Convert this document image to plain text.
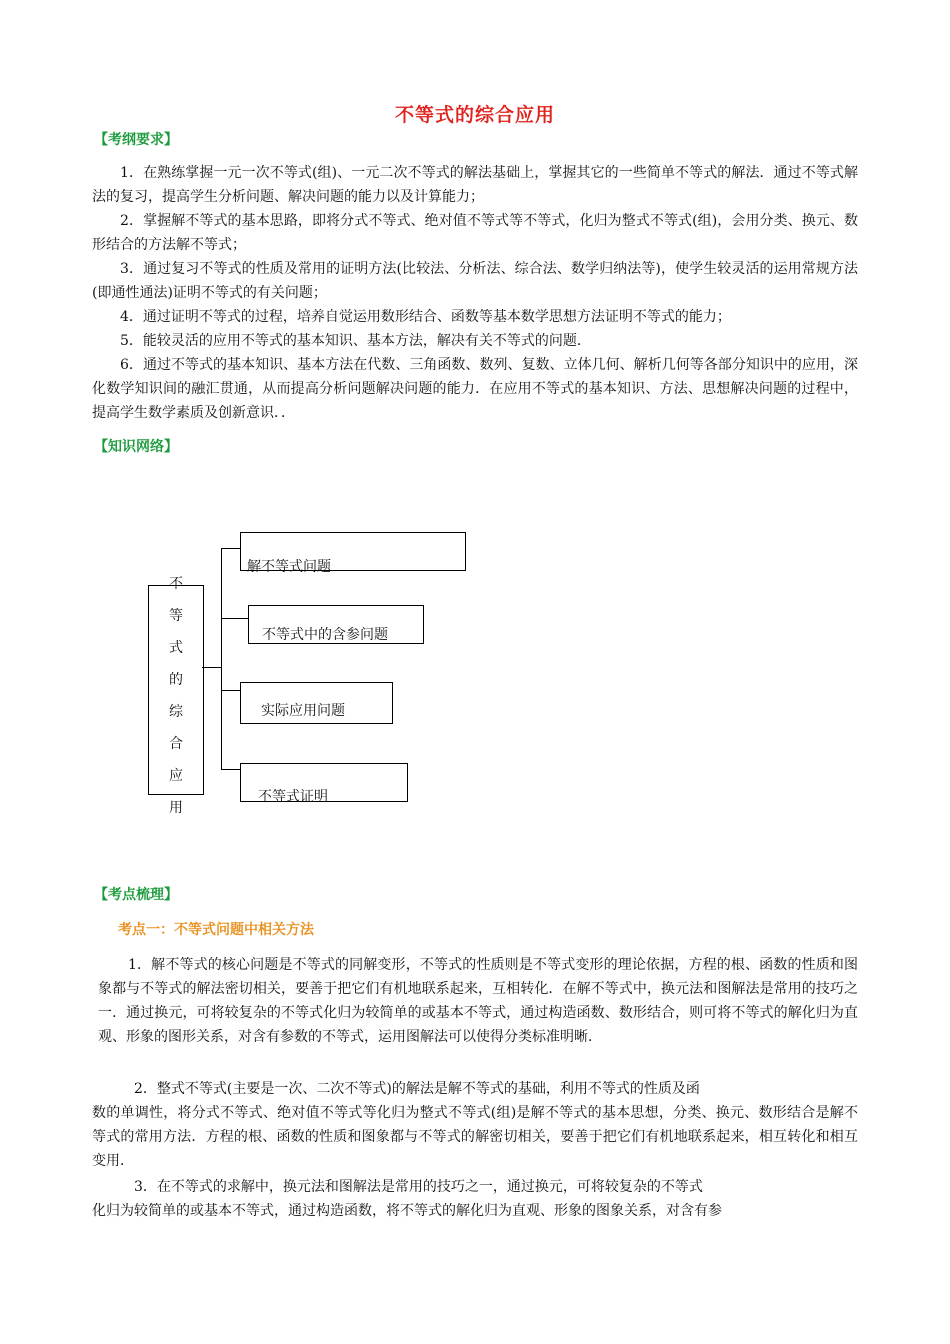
不等式的综合应用
【考纲要求】

1．在熟练掌握一元一次不等式(组)、一元二次不等式的解法基础上，掌握其它的一些简单不等式的解法．通过不等式解法的复习，提高学生分析问题、解决问题的能力以及计算能力；

2．掌握解不等式的基本思路，即将分式不等式、绝对值不等式等不等式，化归为整式不等式(组)，会用分类、换元、数形结合的方法解不等式；

3．通过复习不等式的性质及常用的证明方法(比较法、分析法、综合法、数学归纳法等)，使学生较灵活的运用常规方法(即通性通法)证明不等式的有关问题；

4．通过证明不等式的过程，培养自觉运用数形结合、函数等基本数学思想方法证明不等式的能力；

5．能较灵活的应用不等式的基本知识、基本方法，解决有关不等式的问题．

6．通过不等式的基本知识、基本方法在代数、三角函数、数列、复数、立体几何、解析几何等各部分知识中的应用，深化数学知识间的融汇贯通，从而提高分析问题解决问题的能力．在应用不等式的基本知识、方法、思想解决问题的过程中，提高学生数学素质及创新意识．．

【知识网络】
不
等
式
的
综
合
应
用
解不等式问题
不等式中的含参问题
实际应用问题
不等式证明
【考点梳理】
考点一：不等式问题中相关方法

1．解不等式的核心问题是不等式的同解变形，不等式的性质则是不等式变形的理论依据，方程的根、函数的性质和图象都与不等式的解法密切相关，要善于把它们有机地联系起来，互相转化．在解不等式中，换元法和图解法是常用的技巧之一．通过换元，可将较复杂的不等式化归为较简单的或基本不等式，通过构造函数、数形结合，则可将不等式的解化归为直观、形象的图形关系，对含有参数的不等式，运用图解法可以使得分类标准明晰．

2．整式不等式(主要是一次、二次不等式)的解法是解不等式的基础，利用不等式的性质及函

数的单调性，将分式不等式、绝对值不等式等化归为整式不等式(组)是解不等式的基本思想，分类、换元、数形结合是解不等式的常用方法．方程的根、函数的性质和图象都与不等式的解密切相关，要善于把它们有机地联系起来，相互转化和相互变用．

3．在不等式的求解中，换元法和图解法是常用的技巧之一，通过换元，可将较复杂的不等式

化归为较简单的或基本不等式，通过构造函数，将不等式的解化归为直观、形象的图象关系，对含有参
